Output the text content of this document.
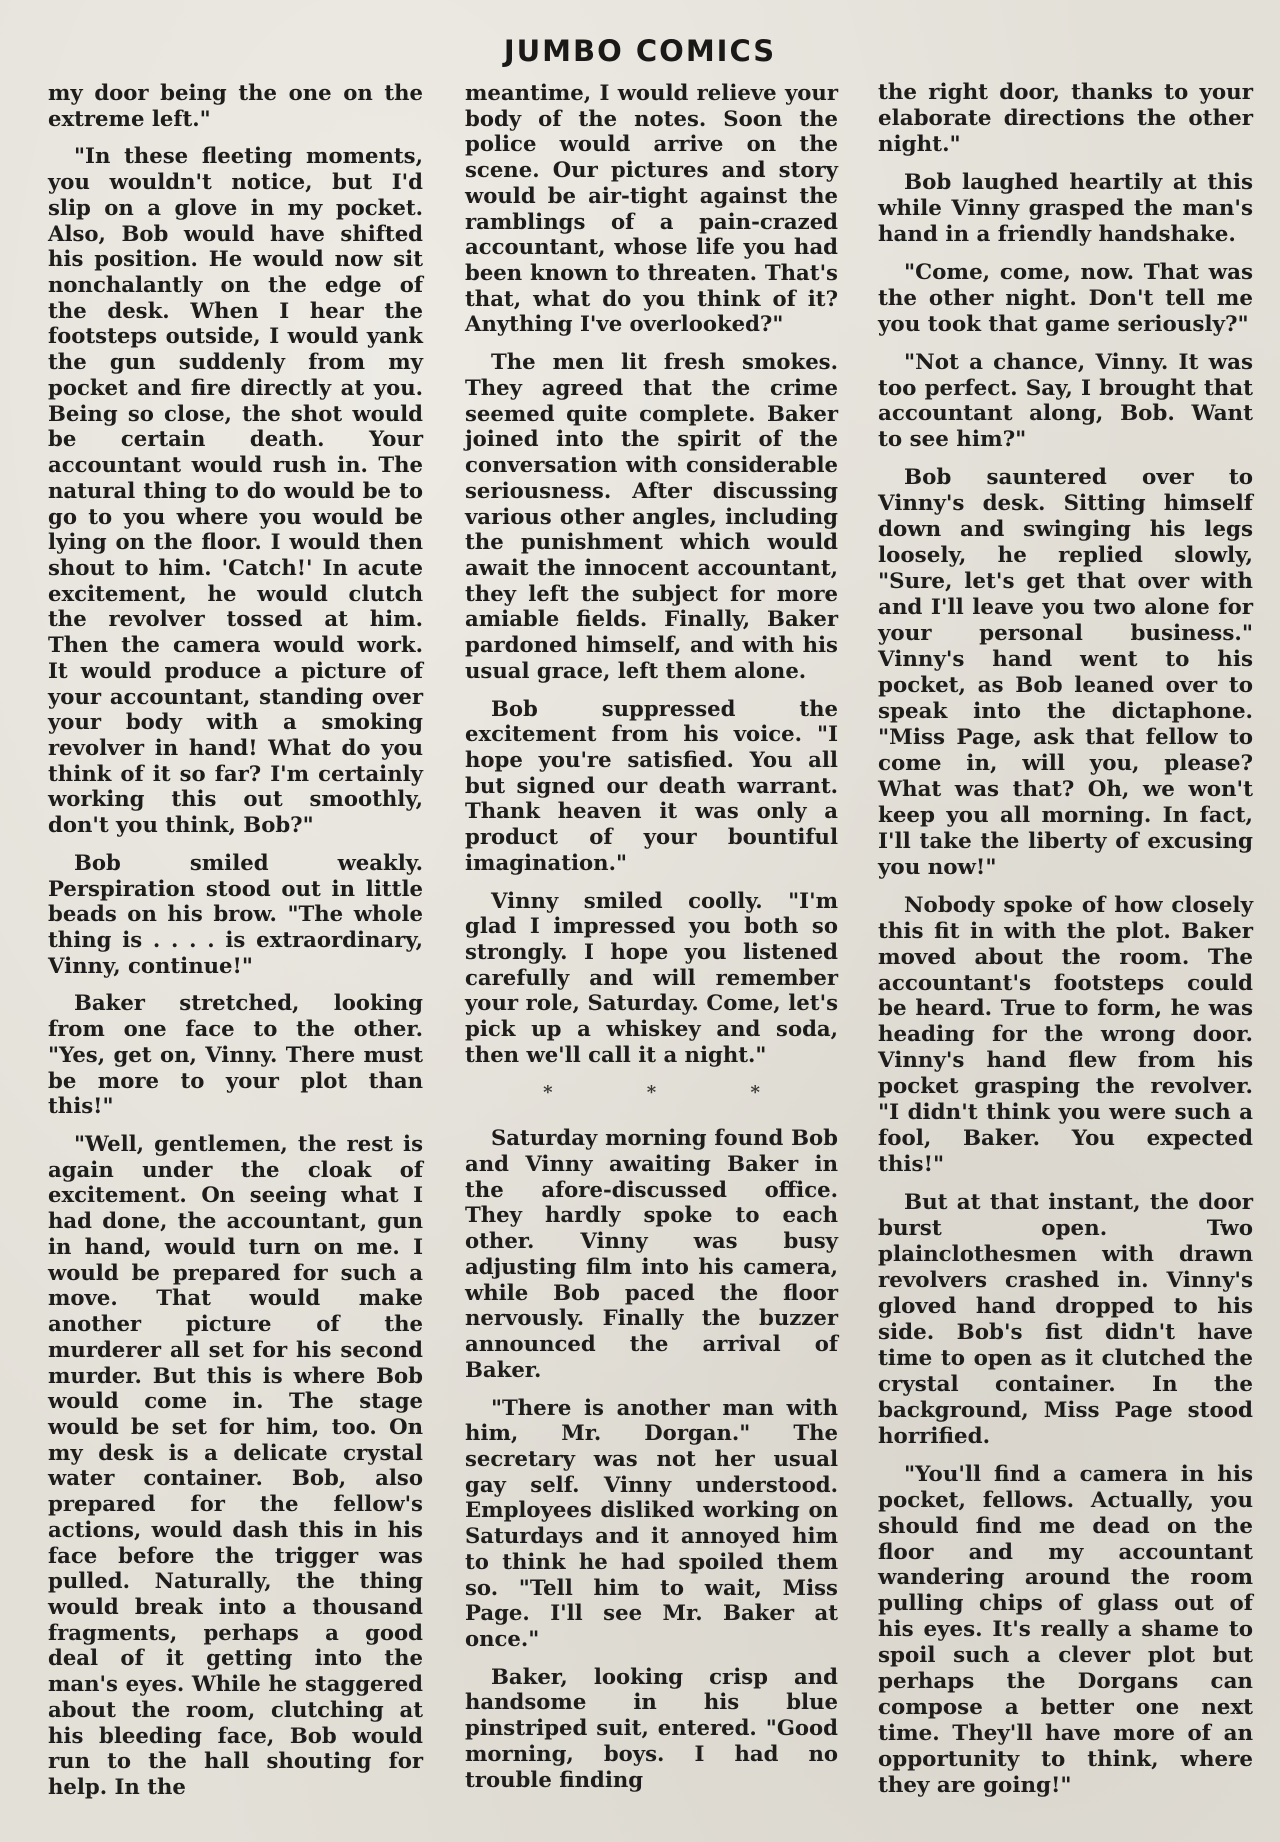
JUMBO COMICS

my door being the one on the extreme left."

"In these fleeting moments, you wouldn't notice, but I'd slip on a glove in my pocket. Also, Bob would have shifted his position. He would now sit nonchalantly on the edge of the desk. When I hear the footsteps outside, I would yank the gun suddenly from my pocket and fire directly at you. Being so close, the shot would be certain death. Your accountant would rush in. The natural thing to do would be to go to you where you would be lying on the floor. I would then shout to him. 'Catch!' In acute excitement, he would clutch the revolver tossed at him. Then the camera would work. It would produce a picture of your accountant, standing over your body with a smoking revolver in hand! What do you think of it so far? I'm certainly working this out smoothly, don't you think, Bob?"

Bob smiled weakly. Perspiration stood out in little beads on his brow. "The whole thing is . . . . is extraordinary, Vinny, continue!"

Baker stretched, looking from one face to the other. "Yes, get on, Vinny. There must be more to your plot than this!"

"Well, gentlemen, the rest is again under the cloak of excitement. On seeing what I had done, the accountant, gun in hand, would turn on me. I would be prepared for such a move. That would make another picture of the murderer all set for his second murder. But this is where Bob would come in. The stage would be set for him, too. On my desk is a delicate crystal water container. Bob, also prepared for the fellow's actions, would dash this in his face before the trigger was pulled. Naturally, the thing would break into a thousand fragments, perhaps a good deal of it getting into the man's eyes. While he staggered about the room, clutching at his bleeding face, Bob would run to the hall shouting for help. In the

meantime, I would relieve your body of the notes. Soon the police would arrive on the scene. Our pictures and story would be air-tight against the ramblings of a pain-crazed accountant, whose life you had been known to threaten. That's that, what do you think of it? Anything I've overlooked?"

The men lit fresh smokes. They agreed that the crime seemed quite complete. Baker joined into the spirit of the conversation with considerable seriousness. After discussing various other angles, including the punishment which would await the innocent accountant, they left the subject for more amiable fields. Finally, Baker pardoned himself, and with his usual grace, left them alone.

Bob suppressed the excitement from his voice. "I hope you're satisfied. You all but signed our death warrant. Thank heaven it was only a product of your bountiful imagination."

Vinny smiled coolly. "I'm glad I impressed you both so strongly. I hope you listened carefully and will remember your role, Saturday. Come, let's pick up a whiskey and soda, then we'll call it a night."

* * *

Saturday morning found Bob and Vinny awaiting Baker in the afore-discussed office. They hardly spoke to each other. Vinny was busy adjusting film into his camera, while Bob paced the floor nervously. Finally the buzzer announced the arrival of Baker.

"There is another man with him, Mr. Dorgan." The secretary was not her usual gay self. Vinny understood. Employees disliked working on Saturdays and it annoyed him to think he had spoiled them so. "Tell him to wait, Miss Page. I'll see Mr. Baker at once."

Baker, looking crisp and handsome in his blue pinstriped suit, entered. "Good morning, boys. I had no trouble finding

the right door, thanks to your elaborate directions the other night."

Bob laughed heartily at this while Vinny grasped the man's hand in a friendly handshake.

"Come, come, now. That was the other night. Don't tell me you took that game seriously?"

"Not a chance, Vinny. It was too perfect. Say, I brought that accountant along, Bob. Want to see him?"

Bob sauntered over to Vinny's desk. Sitting himself down and swinging his legs loosely, he replied slowly, "Sure, let's get that over with and I'll leave you two alone for your personal business." Vinny's hand went to his pocket, as Bob leaned over to speak into the dictaphone. "Miss Page, ask that fellow to come in, will you, please? What was that? Oh, we won't keep you all morning. In fact, I'll take the liberty of excusing you now!"

Nobody spoke of how closely this fit in with the plot. Baker moved about the room. The accountant's footsteps could be heard. True to form, he was heading for the wrong door. Vinny's hand flew from his pocket grasping the revolver. "I didn't think you were such a fool, Baker. You expected this!"

But at that instant, the door burst open. Two plainclothesmen with drawn revolvers crashed in. Vinny's gloved hand dropped to his side. Bob's fist didn't have time to open as it clutched the crystal container. In the background, Miss Page stood horrified.

"You'll find a camera in his pocket, fellows. Actually, you should find me dead on the floor and my accountant wandering around the room pulling chips of glass out of his eyes. It's really a shame to spoil such a clever plot but perhaps the Dorgans can compose a better one next time. They'll have more of an opportunity to think, where they are going!"
